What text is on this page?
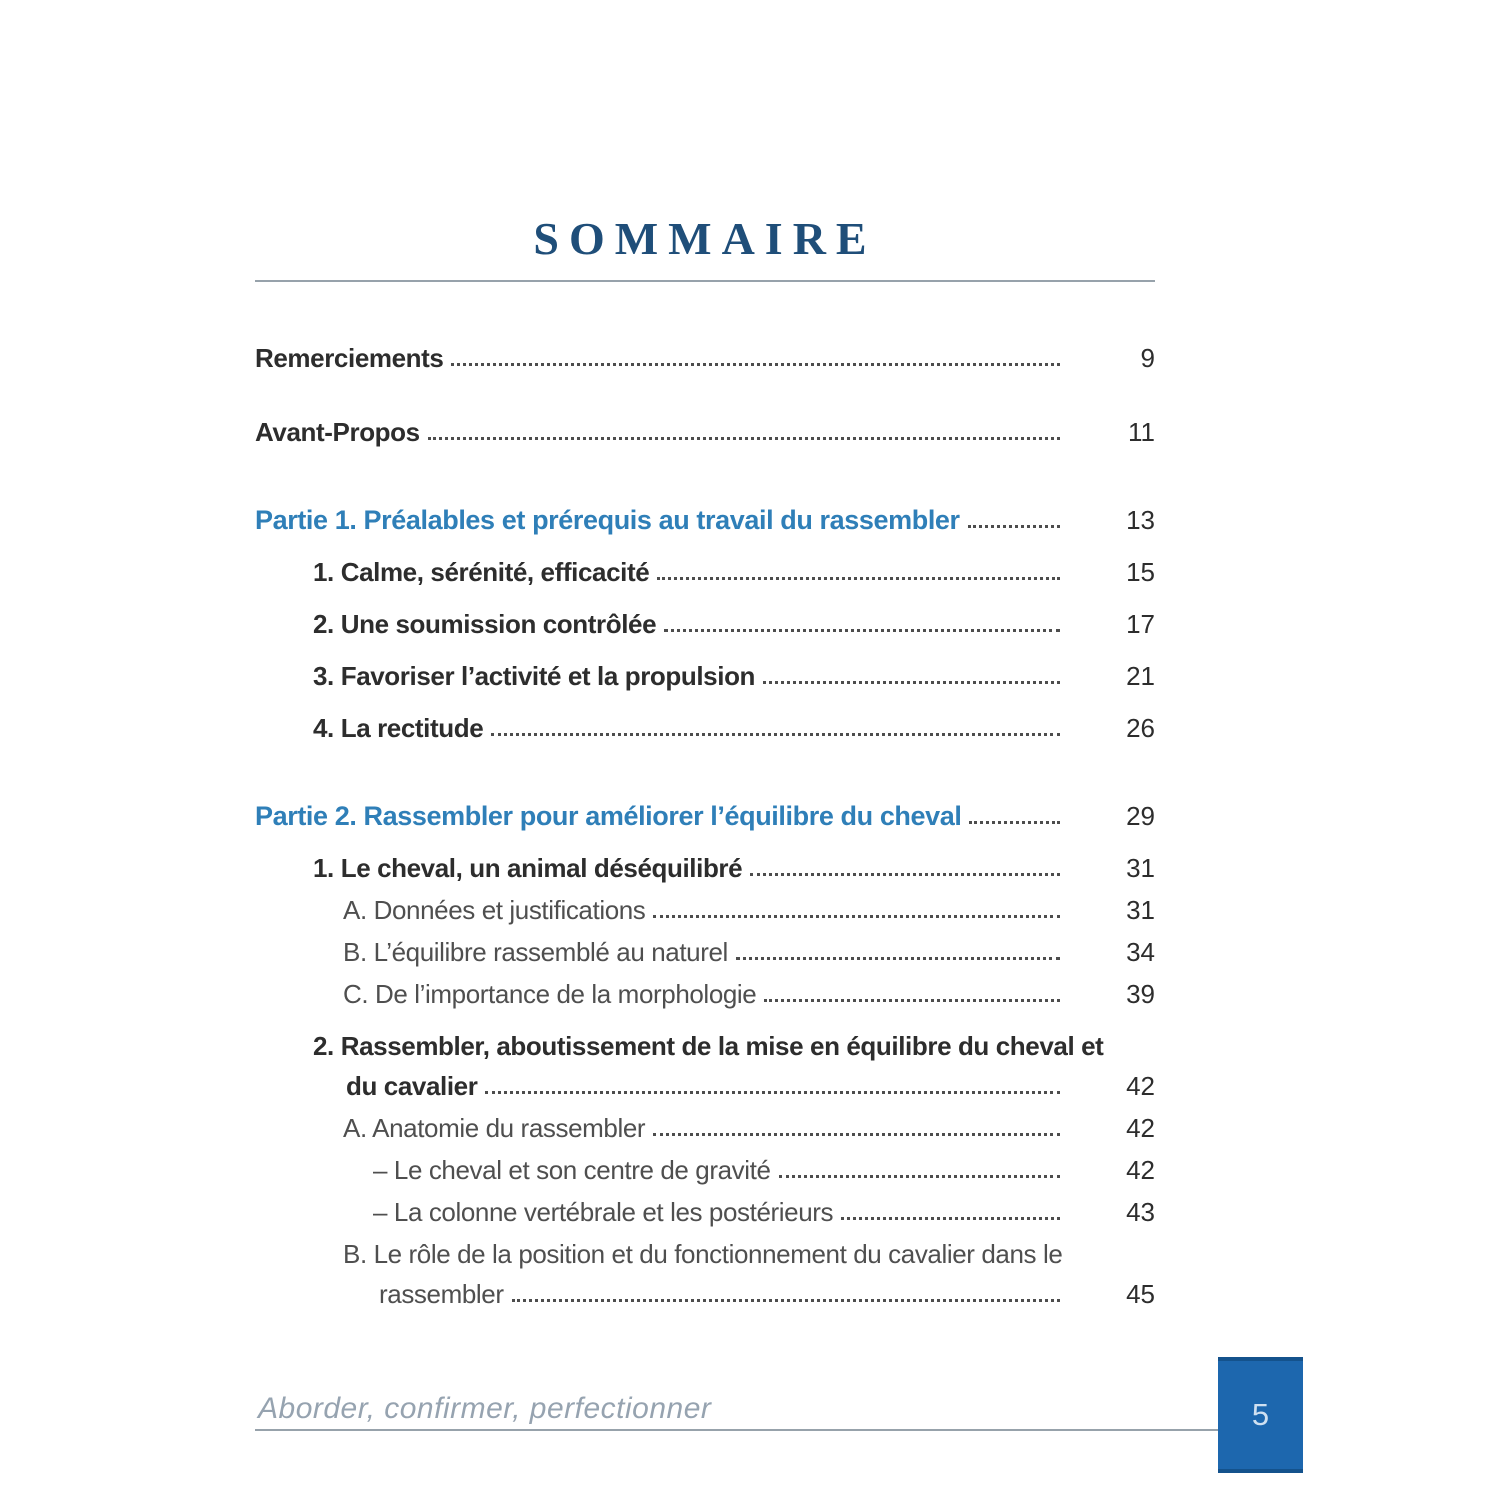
SOMMAIRE
Remerciements	9
Avant-Propos	11
Partie 1. Préalables et prérequis au travail du rassembler	13
1. Calme, sérénité, efficacité	15
2. Une soumission contrôlée	17
3. Favoriser l’activité et la propulsion	21
4. La rectitude	26
Partie 2. Rassembler pour améliorer l’équilibre du cheval	29
1. Le cheval, un animal déséquilibré	31
A. Données et justifications	31
B. L’équilibre rassemblé au naturel	34
C. De l’importance de la morphologie	39
2. Rassembler, aboutissement de la mise en équilibre du cheval et
du cavalier	42
A. Anatomie du rassembler	42
– Le cheval et son centre de gravité	42
– La colonne vertébrale et les postérieurs	43
B. Le rôle de la position et du fonctionnement du cavalier dans le
rassembler	45
Aborder, confirmer, perfectionner	5
